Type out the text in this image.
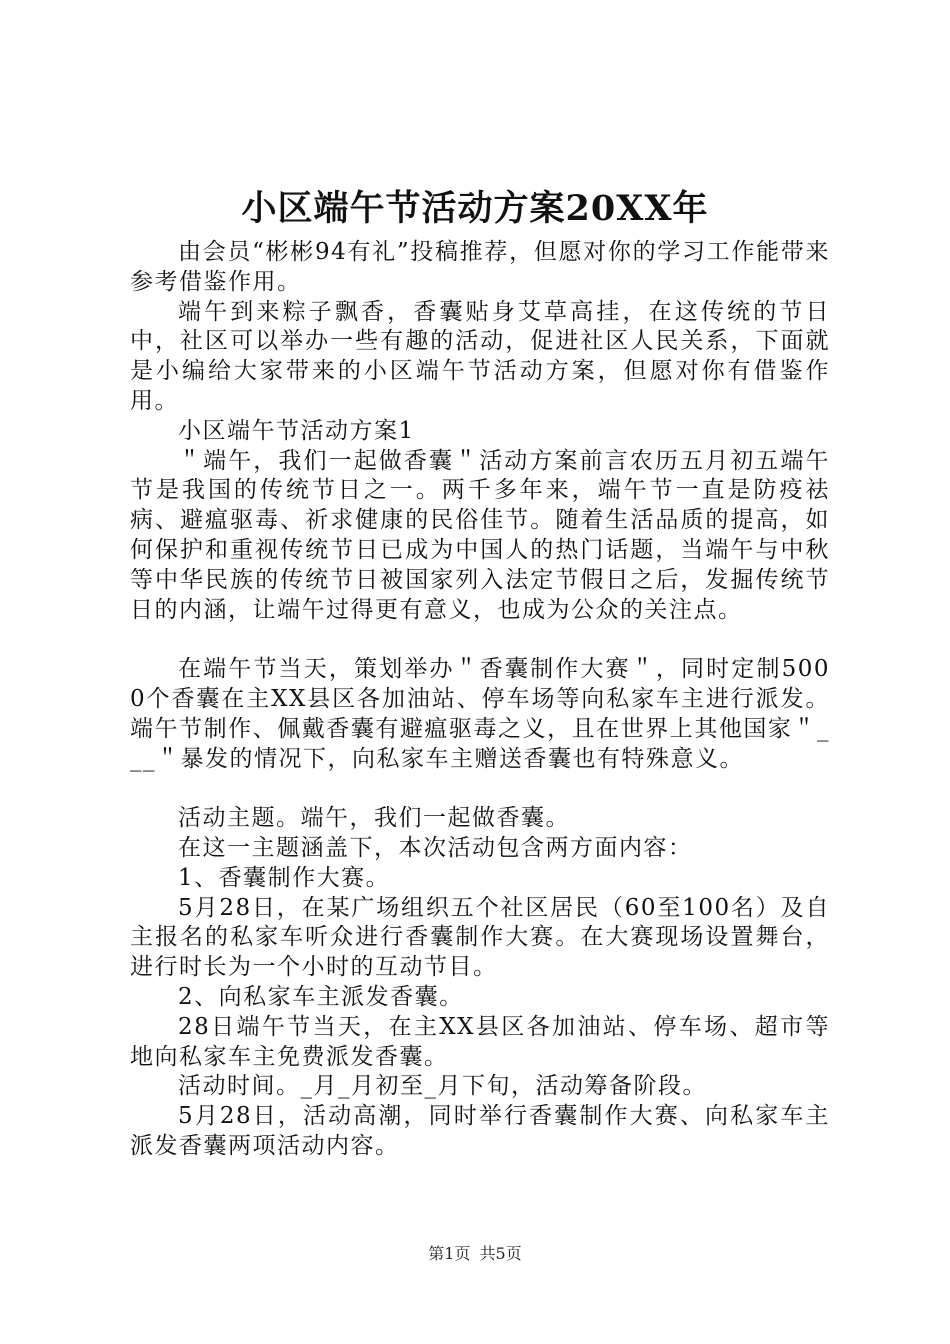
小区端午节活动方案20XX年

由会员“彬彬94有礼”投稿推荐，但愿对你的学习工作能带来参考借鉴作用。

端午到来粽子飘香，香囊贴身艾草高挂，在这传统的节日中，社区可以举办一些有趣的活动，促进社区人民关系，下面就是小编给大家带来的小区端午节活动方案，但愿对你有借鉴作用。

小区端午节活动方案1

＂端午，我们一起做香囊＂活动方案前言农历五月初五端午节是我国的传统节日之一。两千多年来，端午节一直是防疫祛病、避瘟驱毒、祈求健康的民俗佳节。随着生活品质的提高，如何保护和重视传统节日已成为中国人的热门话题，当端午与中秋等中华民族的传统节日被国家列入法定节假日之后，发掘传统节日的内涵，让端午过得更有意义，也成为公众的关注点。

在端午节当天，策划举办＂香囊制作大赛＂，同时定制5000个香囊在主XX县区各加油站、停车场等向私家车主进行派发。端午节制作、佩戴香囊有避瘟驱毒之义，且在世界上其他国家＂___＂暴发的情况下，向私家车主赠送香囊也有特殊意义。

活动主题。端午，我们一起做香囊。

在这一主题涵盖下，本次活动包含两方面内容：

1、香囊制作大赛。

5月28日，在某广场组织五个社区居民（60至100名）及自主报名的私家车听众进行香囊制作大赛。在大赛现场设置舞台，进行时长为一个小时的互动节目。

2、向私家车主派发香囊。

28日端午节当天，在主XX县区各加油站、停车场、超市等地向私家车主免费派发香囊。

活动时间。_月_月初至_月下旬，活动筹备阶段。

5月28日，活动高潮，同时举行香囊制作大赛、向私家车主派发香囊两项活动内容。

第1页 共5页
